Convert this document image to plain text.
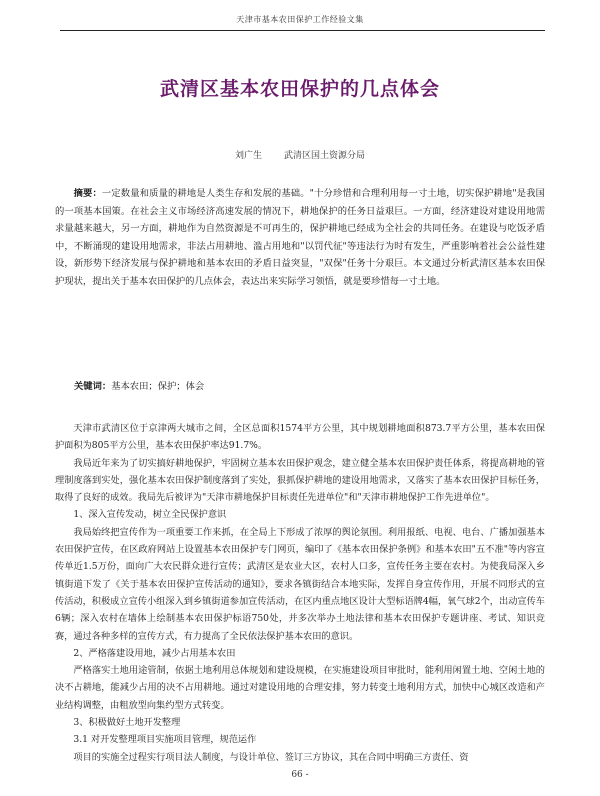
天津市基本农田保护工作经验文集
武清区基本农田保护的几点体会
刘广生 武清区国土资源分局

摘要：一定数量和质量的耕地是人类生存和发展的基础。"十分珍惜和合理利用每一寸土地，切实保护耕地"是我国的一项基本国策。在社会主义市场经济高速发展的情况下，耕地保护的任务日益艰巨。一方面，经济建设对建设用地需求量越来越大，另一方面，耕地作为自然资源是不可再生的，保护耕地已经成为全社会的共同任务。在建设与吃饭矛盾中，不断涌现的建设用地需求，非法占用耕地、滥占用地和"以罚代征"等违法行为时有发生，严重影响着社会公益性建设，新形势下经济发展与保护耕地和基本农田的矛盾日益突显，"双保"任务十分艰巨。本文通过分析武清区基本农田保护现状，提出关于基本农田保护的几点体会，表达出来实际学习领悟，就是要珍惜每一寸土地。

关键词：基本农田；保护；体会

天津市武清区位于京津两大城市之间，全区总面积1574平方公里，其中规划耕地面积873.7平方公里，基本农田保护面积为805平方公里，基本农田保护率达91.7%。

我局近年来为了切实搞好耕地保护，牢固树立基本农田保护观念，建立健全基本农田保护责任体系，将提高耕地的管理制度落到实处，强化基本农田保护制度落到了实处，狠抓保护耕地的建设用地需求，又落实了基本农田保护目标任务，取得了良好的成效。我局先后被评为"天津市耕地保护目标责任先进单位"和"天津市耕地保护工作先进单位"。

1、深入宣传发动，树立全民保护意识

我局始终把宣传作为一项重要工作来抓，在全局上下形成了浓厚的舆论氛围。利用报纸、电视、电台、广播加强基本农田保护宣传，在区政府网站上设置基本农田保护专门网页，编印了《基本农田保护条例》和基本农田"五不准"等内容宣传单近1.5万份，面向广大农民群众进行宣传；武清区是农业大区，农村人口多，宣传任务主要在农村。为使我局深入乡镇街道下发了《关于基本农田保护宣传活动的通知》，要求各镇街结合本地实际，发挥自身宣传作用，开展不同形式的宣传活动，积极成立宣传小组深入到乡镇街道参加宣传活动，在区内重点地区设计大型标语牌4幅，氧气球2个，出动宣传车6辆；深入农村在墙体上绘制基本农田保护标语750处，并多次举办土地法律和基本农田保护专题讲座、考试、知识竞赛，通过各种多样的宣传方式，有力提高了全民依法保护基本农田的意识。

2、严格落建设用地，减少占用基本农田

严格落实土地用途管制，依据土地利用总体规划和建设规模，在实施建设项目审批时，能利用闲置土地、空闲土地的决不占耕地，能减少占用的决不占用耕地。通过对建设用地的合理安排，努力转变土地利用方式，加快中心城区改造和产业结构调整，由粗放型向集约型方式转变。

3、积极做好土地开发整理
3.1 对开发整理项目实施项目管理，规范运作

项目的实施全过程实行项目法人制度，与设计单位、签订三方协议，其在合同中明确三方责任、资

66 -
